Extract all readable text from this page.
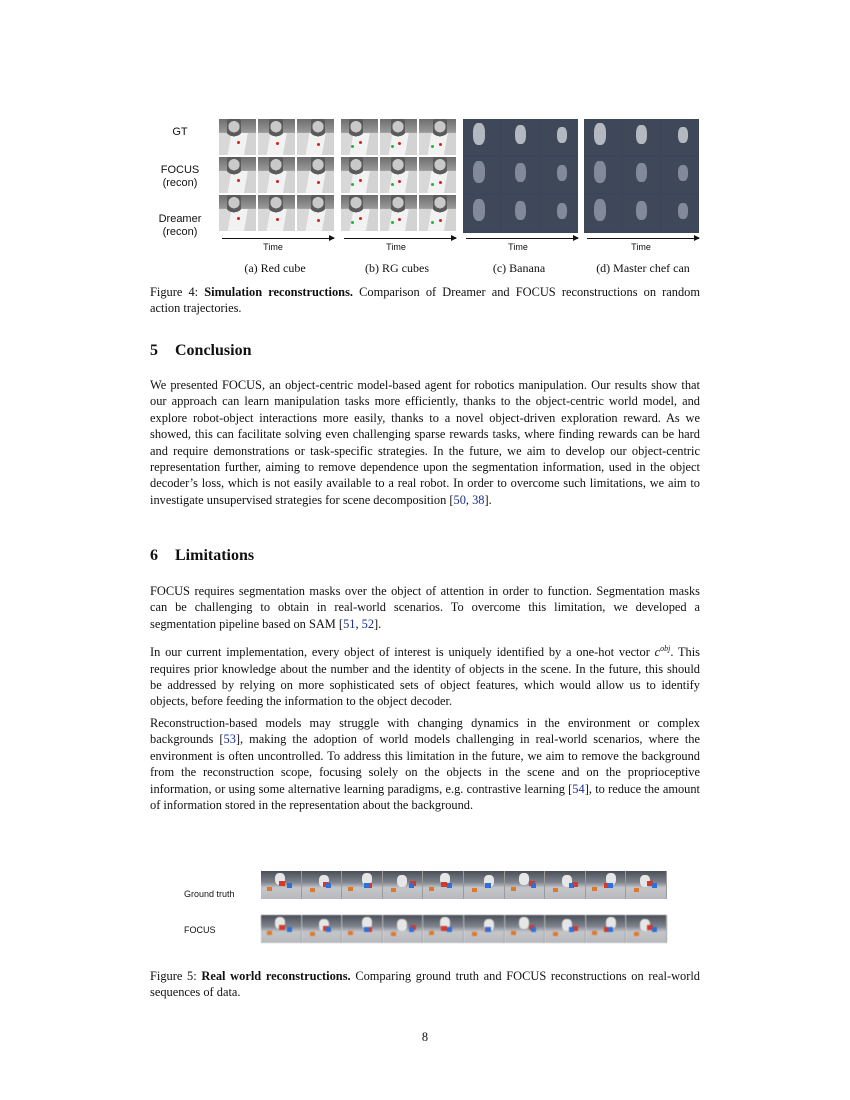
GT
FOCUS
(recon)
Dreamer
(recon)
Time	Time	Time	Time
(a) Red cube	(b) RG cubes	(c) Banana	(d) Master chef can
Figure 4: Simulation reconstructions. Comparison of Dreamer and FOCUS reconstructions on random action trajectories.
5 Conclusion
We presented FOCUS, an object-centric model-based agent for robotics manipulation. Our results show that our approach can learn manipulation tasks more efficiently, thanks to the object-centric world model, and explore robot-object interactions more easily, thanks to a novel object-driven exploration reward. As we showed, this can facilitate solving even challenging sparse rewards tasks, where finding rewards can be hard and require demonstrations or task-specific strategies. In the future, we aim to develop our object-centric representation further, aiming to remove dependence upon the segmentation information, used in the object decoder’s loss, which is not easily available to a real robot. In order to overcome such limitations, we aim to investigate unsupervised strategies for scene decomposition [50, 38].
6 Limitations
FOCUS requires segmentation masks over the object of attention in order to function. Segmentation masks can be challenging to obtain in real-world scenarios. To overcome this limitation, we developed a segmentation pipeline based on SAM [51, 52].
In our current implementation, every object of interest is uniquely identified by a one-hot vector $c^{obj}$. This requires prior knowledge about the number and the identity of objects in the scene. In the future, this should be addressed by relying on more sophisticated sets of object features, which would allow us to identify objects, before feeding the information to the object decoder.
Reconstruction-based models may struggle with changing dynamics in the environment or complex backgrounds [53], making the adoption of world models challenging in real-world scenarios, where the environment is often uncontrolled. To address this limitation in the future, we aim to remove the background from the reconstruction scope, focusing solely on the objects in the scene and on the proprioceptive information, or using some alternative learning paradigms, e.g. contrastive learning [54], to reduce the amount of information stored in the representation about the background.
Ground truth
FOCUS
Figure 5: Real world reconstructions. Comparing ground truth and FOCUS reconstructions on real-world sequences of data.
8
